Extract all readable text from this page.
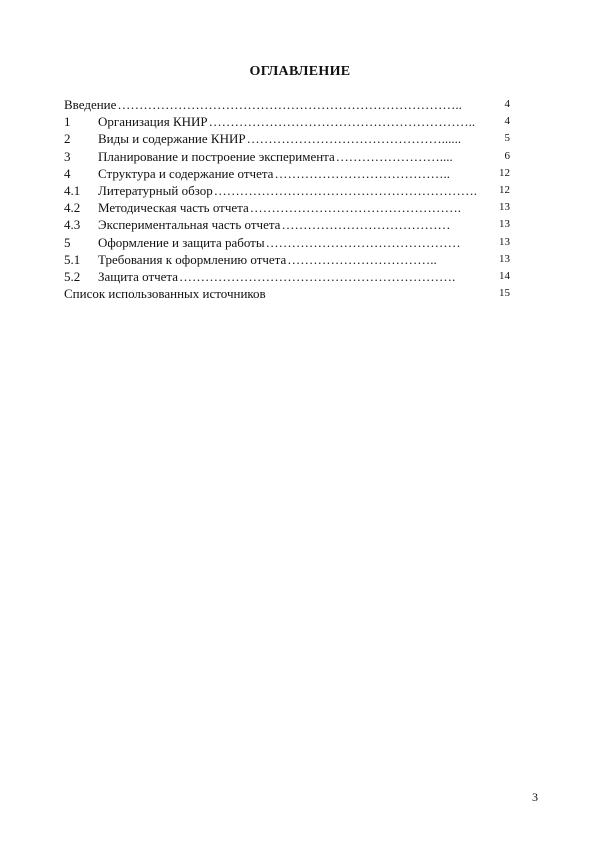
ОГЛАВЛЕНИЕ
Введение……………………………………………………………………..	4
1	Организация КНИР……………………………………………………..	4
2	Виды и содержание КНИР………………………………………......	5
3	Планирование и построение эксперимента……………………....	6
4	Структура и содержание отчета…………………………………..	12
4.1	Литературный обзор…………………………………………………….	12
4.2	Методическая часть отчета………………………………………….	13
4.3	Экспериментальная часть отчета…………………………………	13
5	Оформление и защита работы………………………………………	13
5.1	Требования к оформлению отчета……………………………..	13
5.2	Защита отчета……………………………………………………….	14
Список использованных источников	15
3
